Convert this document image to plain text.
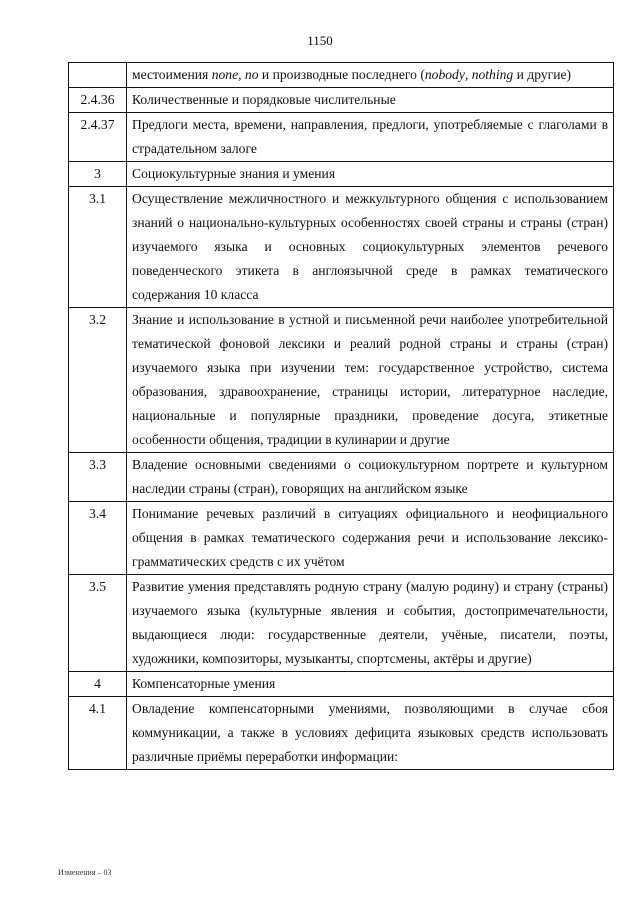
1150
	местоимения none, no и производные последнего (nobody, nothing и другие)
2.4.36	Количественные и порядковые числительные
2.4.37	Предлоги места, времени, направления, предлоги, употребляемые с глаголами в страдательном залоге
3	Социокультурные знания и умения
3.1	Осуществление межличностного и межкультурного общения с использованием знаний о национально-культурных особенностях своей страны и страны (стран) изучаемого языка и основных социокультурных элементов речевого поведенческого этикета в англоязычной среде в рамках тематического содержания 10 класса
3.2	Знание и использование в устной и письменной речи наиболее употребительной тематической фоновой лексики и реалий родной страны и страны (стран) изучаемого языка при изучении тем: государственное устройство, система образования, здравоохранение, страницы истории, литературное наследие, национальные и популярные праздники, проведение досуга, этикетные особенности общения, традиции в кулинарии и другие
3.3	Владение основными сведениями о социокультурном портрете и культурном наследии страны (стран), говорящих на английском языке
3.4	Понимание речевых различий в ситуациях официального и неофициального общения в рамках тематического содержания речи и использование лексико-грамматических средств с их учётом
3.5	Развитие умения представлять родную страну (малую родину) и страну (страны) изучаемого языка (культурные явления и события, достопримечательности, выдающиеся люди: государственные деятели, учёные, писатели, поэты, художники, композиторы, музыканты, спортсмены, актёры и другие)
4	Компенсаторные умения
4.1	Овладение компенсаторными умениями, позволяющими в случае сбоя коммуникации, а также в условиях дефицита языковых средств использовать различные приёмы переработки информации:
Изменения – 03
